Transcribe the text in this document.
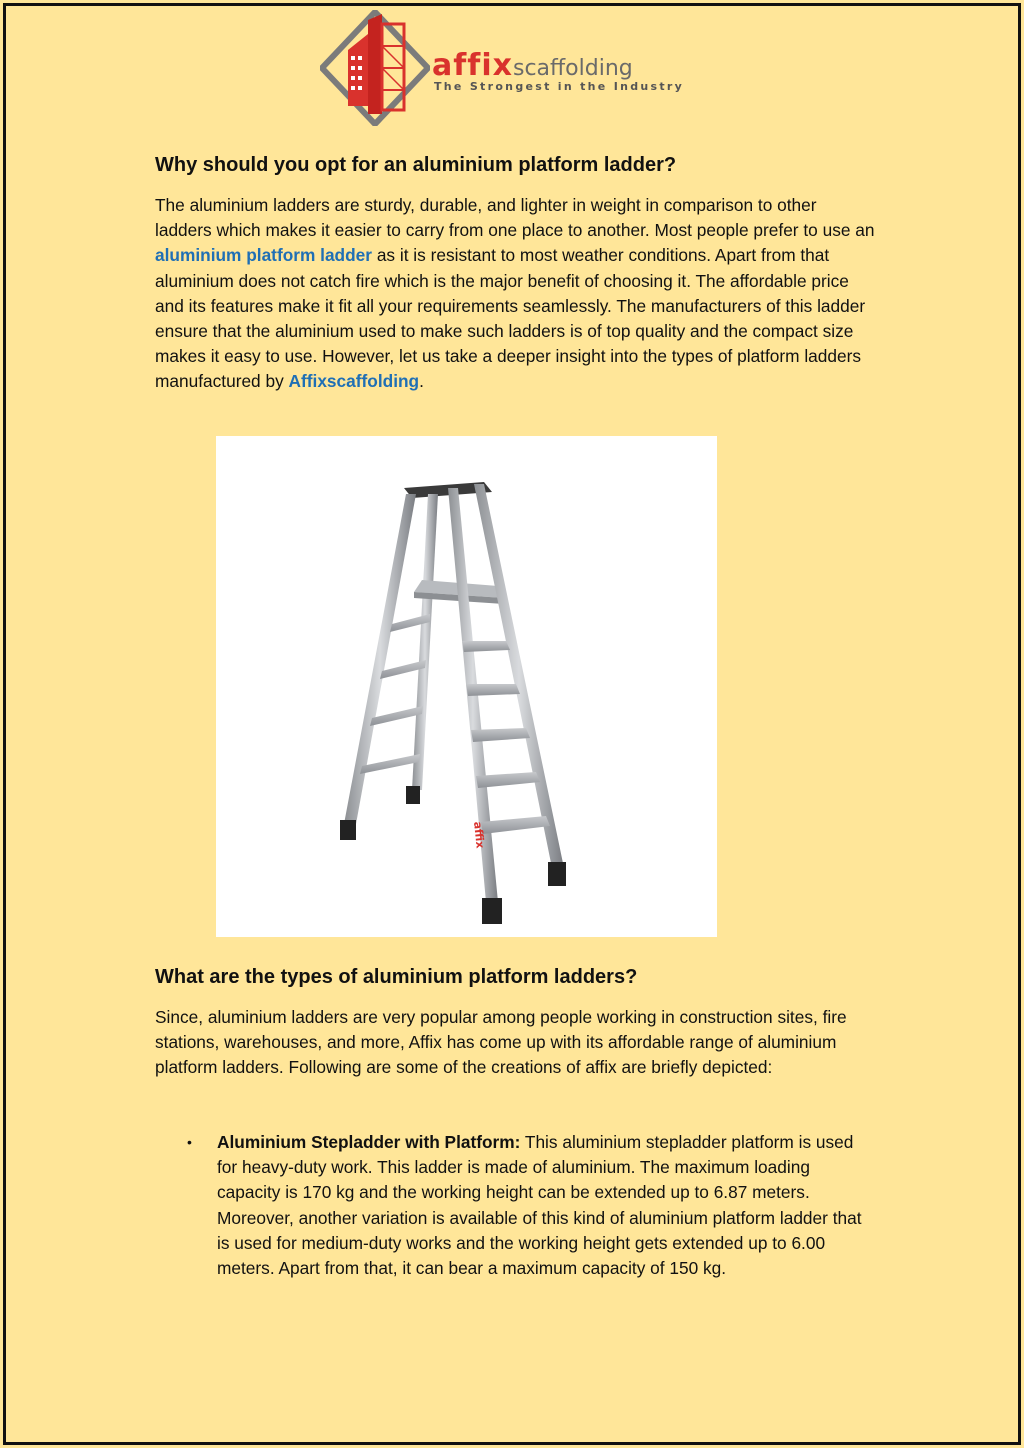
affixscaffolding
The Strongest in the Industry
Why should you opt for an aluminium platform ladder?

The aluminium ladders are sturdy, durable, and lighter in weight in comparison to other ladders which makes it easier to carry from one place to another. Most people prefer to use an aluminium platform ladder as it is resistant to most weather conditions. Apart from that aluminium does not catch fire which is the major benefit of choosing it. The affordable price and its features make it fit all your requirements seamlessly. The manufacturers of this ladder ensure that the aluminium used to make such ladders is of top quality and the compact size makes it easy to use. However, let us take a deeper insight into the types of platform ladders manufactured by Affixscaffolding.

affix
What are the types of aluminium platform ladders?

Since, aluminium ladders are very popular among people working in construction sites, fire stations, warehouses, and more, Affix has come up with its affordable range of aluminium platform ladders. Following are some of the creations of affix are briefly depicted:

• Aluminium Stepladder with Platform: This aluminium stepladder platform is used for heavy-duty work. This ladder is made of aluminium. The maximum loading capacity is 170 kg and the working height can be extended up to 6.87 meters. Moreover, another variation is available of this kind of aluminium platform ladder that is used for medium-duty works and the working height gets extended up to 6.00 meters. Apart from that, it can bear a maximum capacity of 150 kg.
